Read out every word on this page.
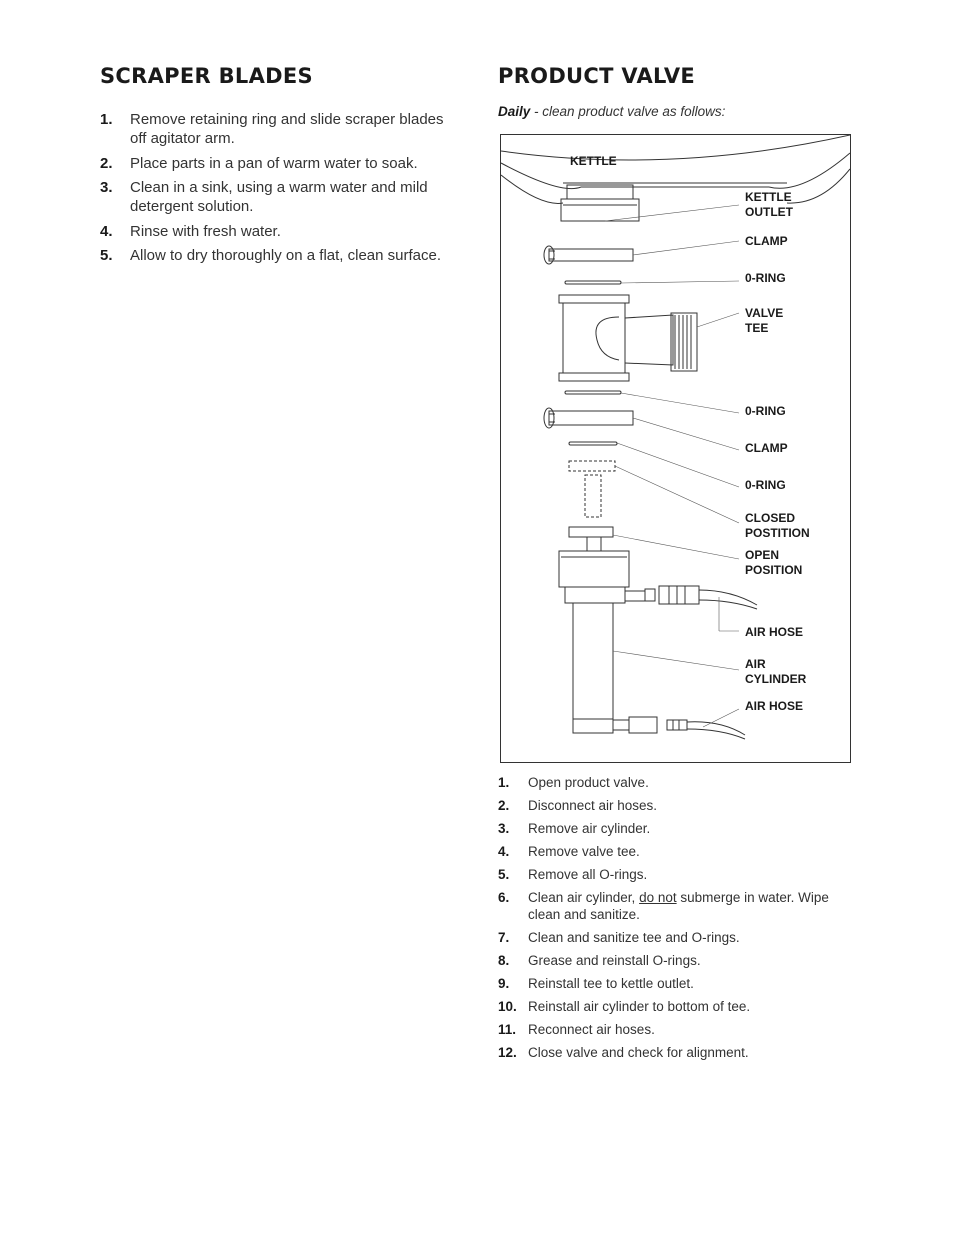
SCRAPER BLADES
1.	Remove retaining ring and slide scraper blades off agitator arm.
2.	Place parts in a pan of warm water to soak.
3.	Clean in a sink, using a warm water and mild detergent solution.
4.	Rinse with fresh water.
5.	Allow to dry thoroughly on a flat, clean surface.
PRODUCT VALVE
Daily - clean product valve as follows:
KETTLE
KETTLE
OUTLET
CLAMP
0-RING
VALVE
TEE
0-RING
CLAMP
0-RING
CLOSED
POSTITION
OPEN
POSITION
AIR HOSE
AIR
CYLINDER
AIR HOSE
1.	Open product valve.
2.	Disconnect air hoses.
3.	Remove air cylinder.
4.	Remove valve tee.
5.	Remove all O-rings.
6.	Clean air cylinder, do not submerge in water. Wipe clean and sanitize.
7.	Clean and sanitize tee and O-rings.
8.	Grease and reinstall O-rings.
9.	Reinstall tee to kettle outlet.
10. Reinstall air cylinder to bottom of tee.
11. Reconnect air hoses.
12. Close valve and check for alignment.
